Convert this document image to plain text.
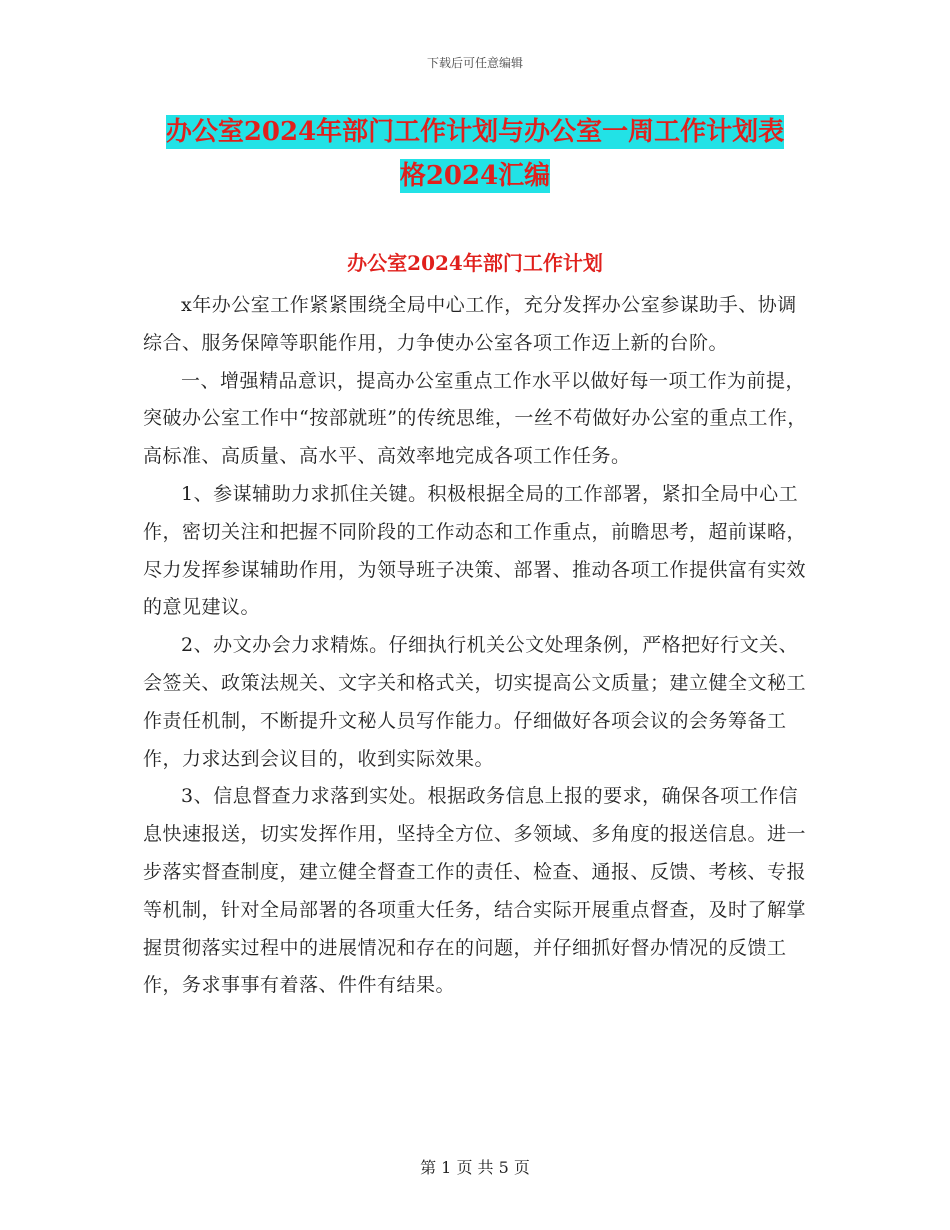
下载后可任意编辑
办公室2024年部门工作计划与办公室一周工作计划表
格2024汇编
办公室2024年部门工作计划

x年办公室工作紧紧围绕全局中心工作，充分发挥办公室参谋助手、协调综合、服务保障等职能作用，力争使办公室各项工作迈上新的台阶。

一、增强精品意识，提高办公室重点工作水平以做好每一项工作为前提，突破办公室工作中“按部就班”的传统思维，一丝不苟做好办公室的重点工作，高标准、高质量、高水平、高效率地完成各项工作任务。

1、参谋辅助力求抓住关键。积极根据全局的工作部署，紧扣全局中心工作，密切关注和把握不同阶段的工作动态和工作重点，前瞻思考，超前谋略，尽力发挥参谋辅助作用，为领导班子决策、部署、推动各项工作提供富有实效的意见建议。

2、办文办会力求精炼。仔细执行机关公文处理条例，严格把好行文关、会签关、政策法规关、文字关和格式关，切实提高公文质量；建立健全文秘工作责任机制，不断提升文秘人员写作能力。仔细做好各项会议的会务筹备工作，力求达到会议目的，收到实际效果。

3、信息督查力求落到实处。根据政务信息上报的要求，确保各项工作信息快速报送，切实发挥作用，坚持全方位、多领域、多角度的报送信息。进一步落实督查制度，建立健全督查工作的责任、检查、通报、反馈、考核、专报等机制，针对全局部署的各项重大任务，结合实际开展重点督查，及时了解掌握贯彻落实过程中的进展情况和存在的问题，并仔细抓好督办情况的反馈工作，务求事事有着落、件件有结果。

第 1 页 共 5 页
